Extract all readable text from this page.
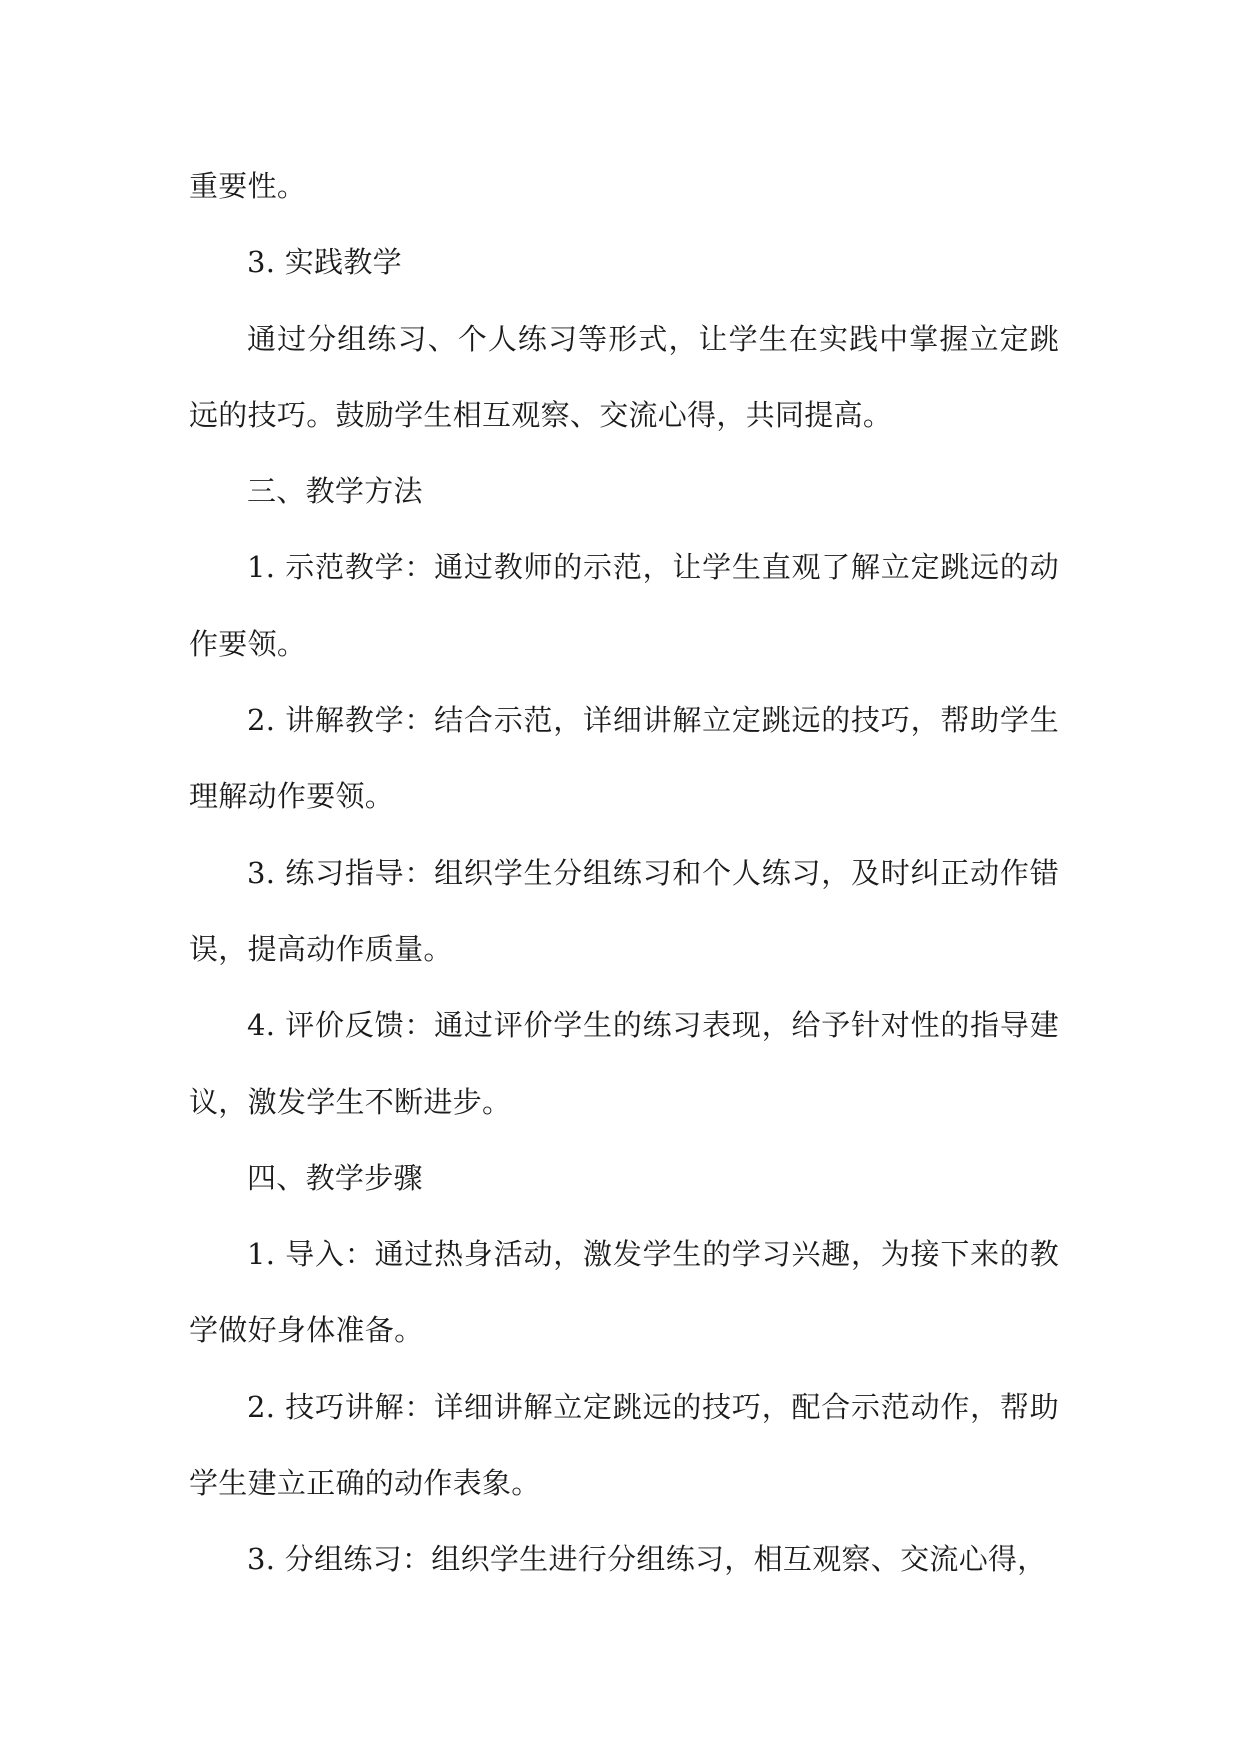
重要性。

3. 实践教学

通过分组练习、个人练习等形式，让学生在实践中掌握立定跳远的技巧。鼓励学生相互观察、交流心得，共同提高。

三、教学方法

1. 示范教学：通过教师的示范，让学生直观了解立定跳远的动作要领。

2. 讲解教学：结合示范，详细讲解立定跳远的技巧，帮助学生理解动作要领。

3. 练习指导：组织学生分组练习和个人练习，及时纠正动作错误，提高动作质量。

4. 评价反馈：通过评价学生的练习表现，给予针对性的指导建议，激发学生不断进步。

四、教学步骤

1. 导入：通过热身活动，激发学生的学习兴趣，为接下来的教学做好身体准备。

2. 技巧讲解：详细讲解立定跳远的技巧，配合示范动作，帮助学生建立正确的动作表象。

3. 分组练习：组织学生进行分组练习，相互观察、交流心得，
